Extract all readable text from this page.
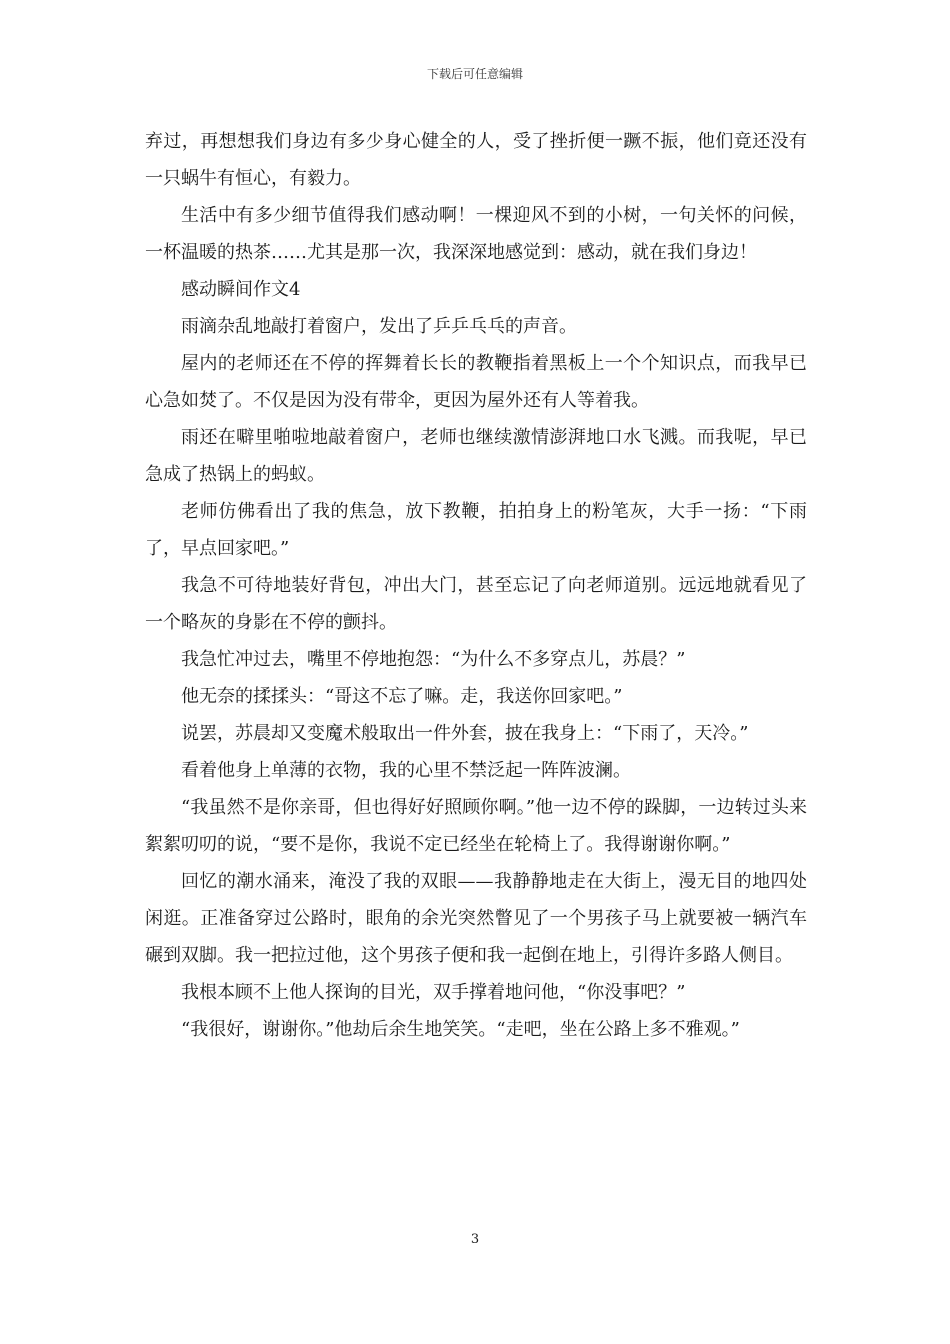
下载后可任意编辑

弃过，再想想我们身边有多少身心健全的人，受了挫折便一蹶不振，他们竟还没有一只蜗牛有恒心，有毅力。

生活中有多少细节值得我们感动啊！一棵迎风不到的小树，一句关怀的问候，一杯温暖的热茶……尤其是那一次，我深深地感觉到：感动，就在我们身边！

感动瞬间作文4

雨滴杂乱地敲打着窗户，发出了乒乒乓乓的声音。

屋内的老师还在不停的挥舞着长长的教鞭指着黑板上一个个知识点，而我早已心急如焚了。不仅是因为没有带伞，更因为屋外还有人等着我。

雨还在噼里啪啦地敲着窗户，老师也继续激情澎湃地口水飞溅。而我呢，早已急成了热锅上的蚂蚁。

老师仿佛看出了我的焦急，放下教鞭，拍拍身上的粉笔灰，大手一扬：“下雨了，早点回家吧。”

我急不可待地装好背包，冲出大门，甚至忘记了向老师道别。远远地就看见了一个略灰的身影在不停的颤抖。

我急忙冲过去，嘴里不停地抱怨：“为什么不多穿点儿，苏晨？”

他无奈的揉揉头：“哥这不忘了嘛。走，我送你回家吧。”

说罢，苏晨却又变魔术般取出一件外套，披在我身上：“下雨了，天冷。”

看着他身上单薄的衣物，我的心里不禁泛起一阵阵波澜。

“我虽然不是你亲哥，但也得好好照顾你啊。”他一边不停的跺脚，一边转过头来絮絮叨叨的说，“要不是你，我说不定已经坐在轮椅上了。我得谢谢你啊。”

回忆的潮水涌来，淹没了我的双眼——我静静地走在大街上，漫无目的地四处闲逛。正准备穿过公路时，眼角的余光突然瞥见了一个男孩子马上就要被一辆汽车碾到双脚。我一把拉过他，这个男孩子便和我一起倒在地上，引得许多路人侧目。

我根本顾不上他人探询的目光，双手撑着地问他，“你没事吧？”

“我很好，谢谢你。”他劫后余生地笑笑。“走吧，坐在公路上多不雅观。”

3
